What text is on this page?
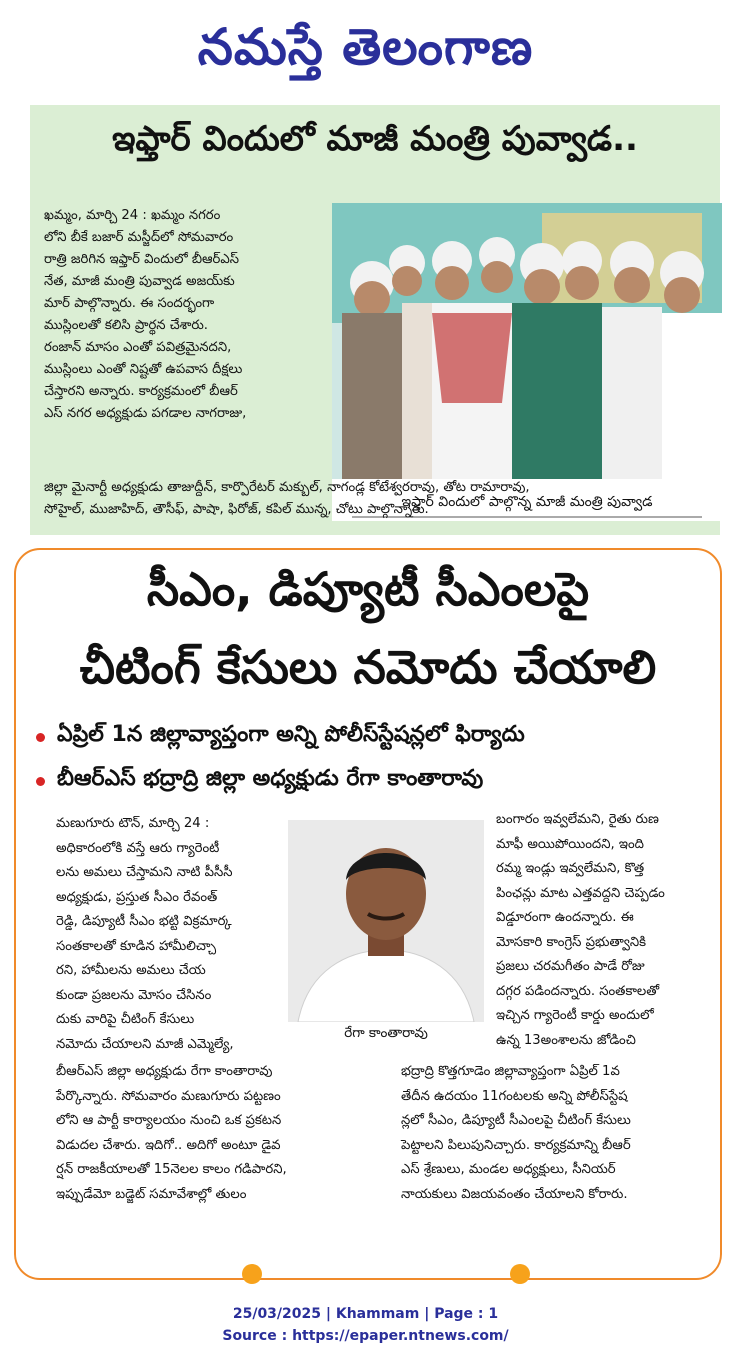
నమస్తే తెలంగాణ
ఇఫ్తార్ విందులో మాజీ మంత్రి పువ్వాడ..

ఖమ్మం, మార్చి 24 : ఖమ్మం నగరం

లోని బీకే బజార్ మస్జీద్‌లో సోమవారం

రాత్రి జరిగిన ఇఫ్తార్ విందులో బీఆర్ఎస్

నేత, మాజీ మంత్రి పువ్వాడ అజయ్‌కు

మార్ పాల్గొన్నారు. ఈ సందర్భంగా

ముస్లింలతో కలిసి ప్రార్థన చేశారు.

రంజాన్ మాసం ఎంతో పవిత్రమైనదని,

ముస్లింలు ఎంతో నిష్టతో ఉపవాస దీక్షలు

చేస్తారని అన్నారు. కార్యక్రమంలో బీఆర్

ఎస్ నగర అధ్యక్షుడు పగడాల నాగరాజు,

ఇఫ్తార్ విందులో పాల్గొన్న మాజీ మంత్రి పువ్వాడ

జిల్లా మైనార్టీ అధ్యక్షుడు తాజుద్దీన్, కార్పొరేటర్ మక్బుల్, నాగండ్ల కోటేశ్వరరావు, తోట రామారావు,

సోహైల్, ముజాహిద్, తౌసీఫ్, పాషా, ఫిరోజ్, కపిల్ మున్న, చోటు పాల్గొన్నారు.

సీఎం, డిప్యూటీ సీఎంలపై
చీటింగ్ కేసులు నమోదు చేయాలి
ఏప్రిల్ 1న జిల్లావ్యాప్తంగా అన్ని పోలీస్‌స్టేషన్లలో ఫిర్యాదు
బీఆర్ఎస్ భద్రాద్రి జిల్లా అధ్యక్షుడు రేగా కాంతారావు

మణుగూరు టౌన్, మార్చి 24 :

అధికారంలోకి వస్తే ఆరు గ్యారెంటీ

లను అమలు చేస్తామని నాటి పీసీసీ

అధ్యక్షుడు, ప్రస్తుత సీఎం రేవంత్

రెడ్డి, డిప్యూటీ సీఎం భట్టి విక్రమార్క

సంతకాలతో కూడిన హామీలిచ్చా

రని, హామీలను అమలు చేయ

కుండా ప్రజలను మోసం చేసినం

దుకు వారిపై చీటింగ్ కేసులు

నమోదు చేయాలని మాజీ ఎమ్మెల్యే,

రేగా కాంతారావు

బంగారం ఇవ్వలేమని, రైతు రుణ

మాఫీ అయిపోయిందని, ఇంది

రమ్మ ఇండ్లు ఇవ్వలేమని, కొత్త

పింఛన్లు మాట ఎత్తవద్దని చెప్పడం

విడ్డూరంగా ఉందన్నారు. ఈ

మోసకారి కాంగ్రెస్ ప్రభుత్వానికి

ప్రజలు చరమగీతం పాడే రోజు

దగ్గర పడిందన్నారు. సంతకాలతో

ఇచ్చిన గ్యారెంటీ కార్డు అందులో

ఉన్న 13అంశాలను జోడించి

బీఆర్ఎస్ జిల్లా అధ్యక్షుడు రేగా కాంతారావు

పేర్కొన్నారు. సోమవారం మణుగూరు పట్టణం

లోని ఆ పార్టీ కార్యాలయం నుంచి ఒక ప్రకటన

విడుదల చేశారు. ఇదిగో.. అదిగో అంటూ డైవ

ర్షన్ రాజకీయాలతో 15నెలల కాలం గడిపారని,

ఇప్పుడేమో బడ్జెట్ సమావేశాల్లో తులం

భద్రాద్రి కొత్తగూడెం జిల్లావ్యాప్తంగా ఏప్రిల్ 1వ

తేదీన ఉదయం 11గంటలకు అన్ని పోలీస్‌స్టేష

న్లలో సీఎం, డిప్యూటీ సీఎంలపై చీటింగ్ కేసులు

పెట్టాలని పిలుపునిచ్చారు. కార్యక్రమాన్ని బీఆర్

ఎస్ శ్రేణులు, మండల అధ్యక్షులు, సీనియర్

నాయకులు విజయవంతం చేయాలని కోరారు.

25/03/2025 | Khammam | Page : 1
Source : https://epaper.ntnews.com/
